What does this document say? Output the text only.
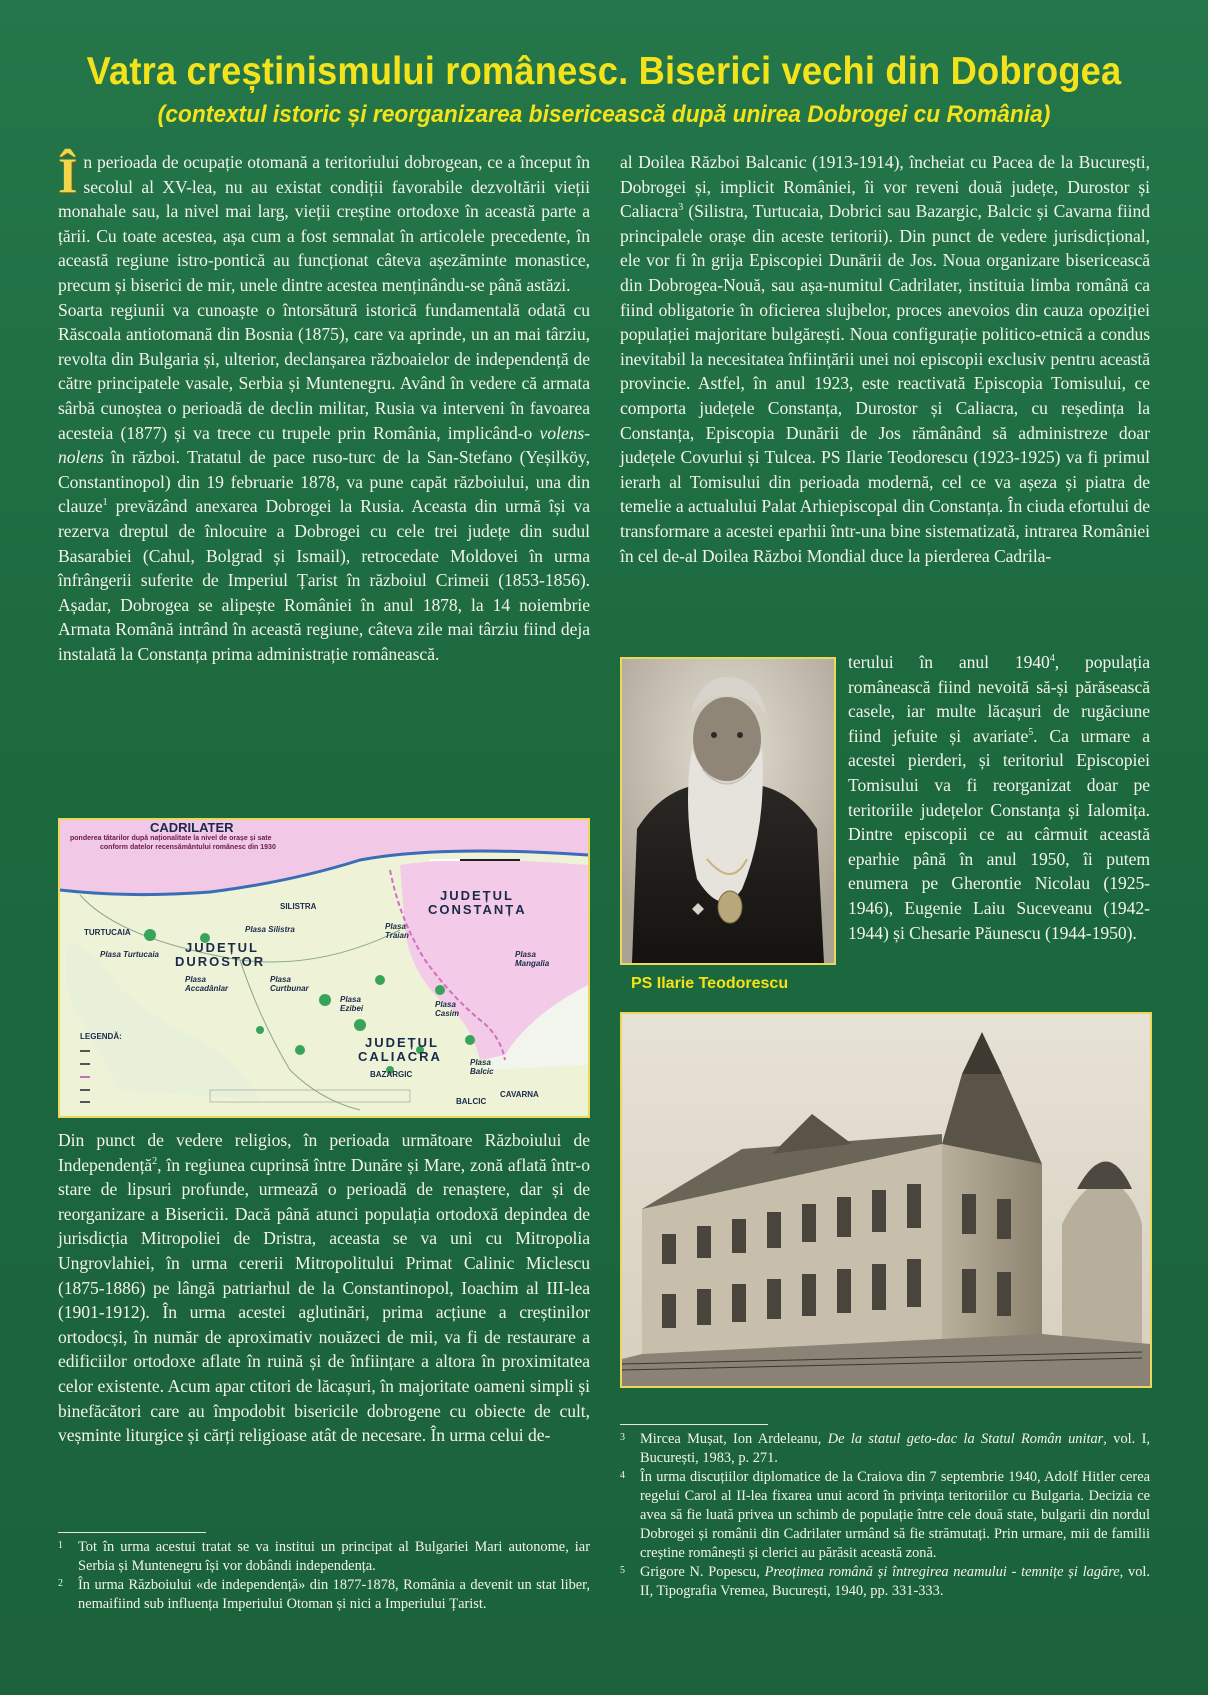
Vatra creștinismului românesc. Biserici vechi din Dobrogea
(contextul istoric și reorganizarea bisericească după unirea Dobrogei cu România)

În perioada de ocupație otomană a teritoriului dobrogean, ce a început în secolul al XV-lea, nu au existat condiții favorabile dezvoltării vieții monahale sau, la nivel mai larg, vieții creștine ortodoxe în această parte a țării. Cu toate acestea, așa cum a fost semnalat în articolele precedente, în această regiune istro-pontică au funcționat câteva așezăminte monastice, precum și biserici de mir, unele dintre acestea menținându-se până astăzi.

Soarta regiunii va cunoaște o întorsătură istorică fundamentală odată cu Răscoala antiotomană din Bosnia (1875), care va aprinde, un an mai târziu, revolta din Bulgaria și, ulterior, declanșarea războaielor de independență de către principatele vasale, Serbia și Muntenegru. Având în vedere că armata sârbă cunoștea o perioadă de declin militar, Rusia va interveni în favoarea acesteia (1877) și va trece cu trupele prin România, implicând-o volens-nolens în război. Tratatul de pace ruso-turc de la San-Stefano (Yeșilköy, Constantinopol) din 19 februarie 1878, va pune capăt războiului, una din clauze$^1$ prevăzând anexarea Dobrogei la Rusia. Aceasta din urmă își va rezerva dreptul de înlocuire a Dobrogei cu cele trei județe din sudul Basarabiei (Cahul, Bolgrad și Ismail), retrocedate Moldovei în urma înfrângerii suferite de Imperiul Țarist în războiul Crimeii (1853-1856). Așadar, Dobrogea se alipește României în anul 1878, la 14 noiembrie Armata Română intrând în această regiune, câteva zile mai târziu fiind deja instalată la Constanța prima administrație românească.

CADRILATER
ponderea tătarilor după naționalitate la nivel de orașe și sate
conform datelor recensământului românesc din 1930
JUDEȚUL
CONSTANȚA
JUDEȚUL
DUROSTOR
JUDEȚUL
CALIACRA
SILISTRA
TURTUCAIA
BAZARGIC
BALCIC
CAVARNA
Plasa Silistra
Plasa Turtucaia
Plasa Accadânlar
Plasa Curtbunar
Plasa Ezibei	Plasa Casim
Plasa Balcic
Plasa Mangalia
Plasa Traian
LEGENDĂ:

Din punct de vedere religios, în perioada următoare Războiului de Independență$^2$, în regiunea cuprinsă între Dunăre și Mare, zonă aflată într-o stare de lipsuri profunde, urmează o perioadă de renaștere, dar și de reorganizare a Bisericii. Dacă până atunci populația ortodoxă depindea de jurisdicția Mitropoliei de Dristra, aceasta se va uni cu Mitropolia Ungrovlahiei, în urma cererii Mitropolitului Primat Calinic Miclescu (1875-1886) pe lângă patriarhul de la Constantinopol, Ioachim al III-lea (1901-1912). În urma acestei aglutinări, prima acțiune a creștinilor ortodocși, în număr de aproximativ nouăzeci de mii, va fi de restaurare a edificiilor ortodoxe aflate în ruină și de înființare a altora în proximitatea celor existente. Acum apar ctitori de lăcașuri, în majoritate oameni simpli și binefăcători care au împodobit bisericile dobrogene cu obiecte de cult, veșminte liturgice și cărți religioase atât de necesare. În urma celui de-

1 Tot în urma acestui tratat se va institui un principat al Bulgariei Mari autonome, iar Serbia și Muntenegru își vor dobândi independența.
2 În urma Războiului «de independență» din 1877-1878, România a devenit un stat liber, nemaifiind sub influența Imperiului Otoman și nici a Imperiului Țarist.

al Doilea Război Balcanic (1913-1914), încheiat cu Pacea de la București, Dobrogei și, implicit României, îi vor reveni două județe, Durostor și Caliacra$^3$ (Silistra, Turtucaia, Dobrici sau Bazargic, Balcic și Cavarna fiind principalele orașe din aceste teritorii). Din punct de vedere jurisdicțional, ele vor fi în grija Episcopiei Dunării de Jos. Noua organizare bisericească din Dobrogea-Nouă, sau așa-numitul Cadrilater, instituia limba română ca fiind obligatorie în oficierea slujbelor, proces anevoios din cauza opoziției populației majoritare bulgărești. Noua configurație politico-etnică a condus inevitabil la necesitatea înființării unei noi episcopii exclusiv pentru această provincie. Astfel, în anul 1923, este reactivată Episcopia Tomisului, ce comporta județele Constanța, Durostor și Caliacra, cu reședința la Constanța, Episcopia Dunării de Jos rămânând să administreze doar județele Covurlui și Tulcea. PS Ilarie Teodorescu (1923-1925) va fi primul ierarh al Tomisului din perioada modernă, cel ce va așeza și piatra de temelie a actualului Palat Arhiepiscopal din Constanța. În ciuda efortului de transformare a acestei eparhii într-una bine sistematizată, intrarea României în cel de-al Doilea Război Mondial duce la pierderea Cadrila-

PS Ilarie Teodorescu

terului în anul 1940$^4$, populația românească fiind nevoită să-și părăsească casele, iar multe lăcașuri de rugăciune fiind jefuite și avariate$^5$. Ca urmare a acestei pierderi, și teritoriul Episcopiei Tomisului va fi reorganizat doar pe teritoriile județelor Constanța și Ialomița. Dintre episcopii ce au cârmuit această eparhie până în anul 1950, îi putem enumera pe Gherontie Nicolau (1925-1946), Eugenie Laiu Suceveanu (1942-1944) și Chesarie Păunescu (1944-1950).

3 Mircea Mușat, Ion Ardeleanu, De la statul geto-dac la Statul Român unitar, vol. I, București, 1983, p. 271.
4 În urma discuțiilor diplomatice de la Craiova din 7 septembrie 1940, Adolf Hitler cerea regelui Carol al II-lea fixarea unui acord în privința teritoriilor cu Bulgaria. Decizia ce avea să fie luată privea un schimb de populație între cele două state, bulgarii din nordul Dobrogei și românii din Cadrilater urmând să fie strămutați. Prin urmare, mii de familii creștine românești și clerici au părăsit această zonă.
5 Grigore N. Popescu, Preoțimea română și întregirea neamului - temnițe și lagăre, vol. II, Tipografia Vremea, București, 1940, pp. 331-333.
